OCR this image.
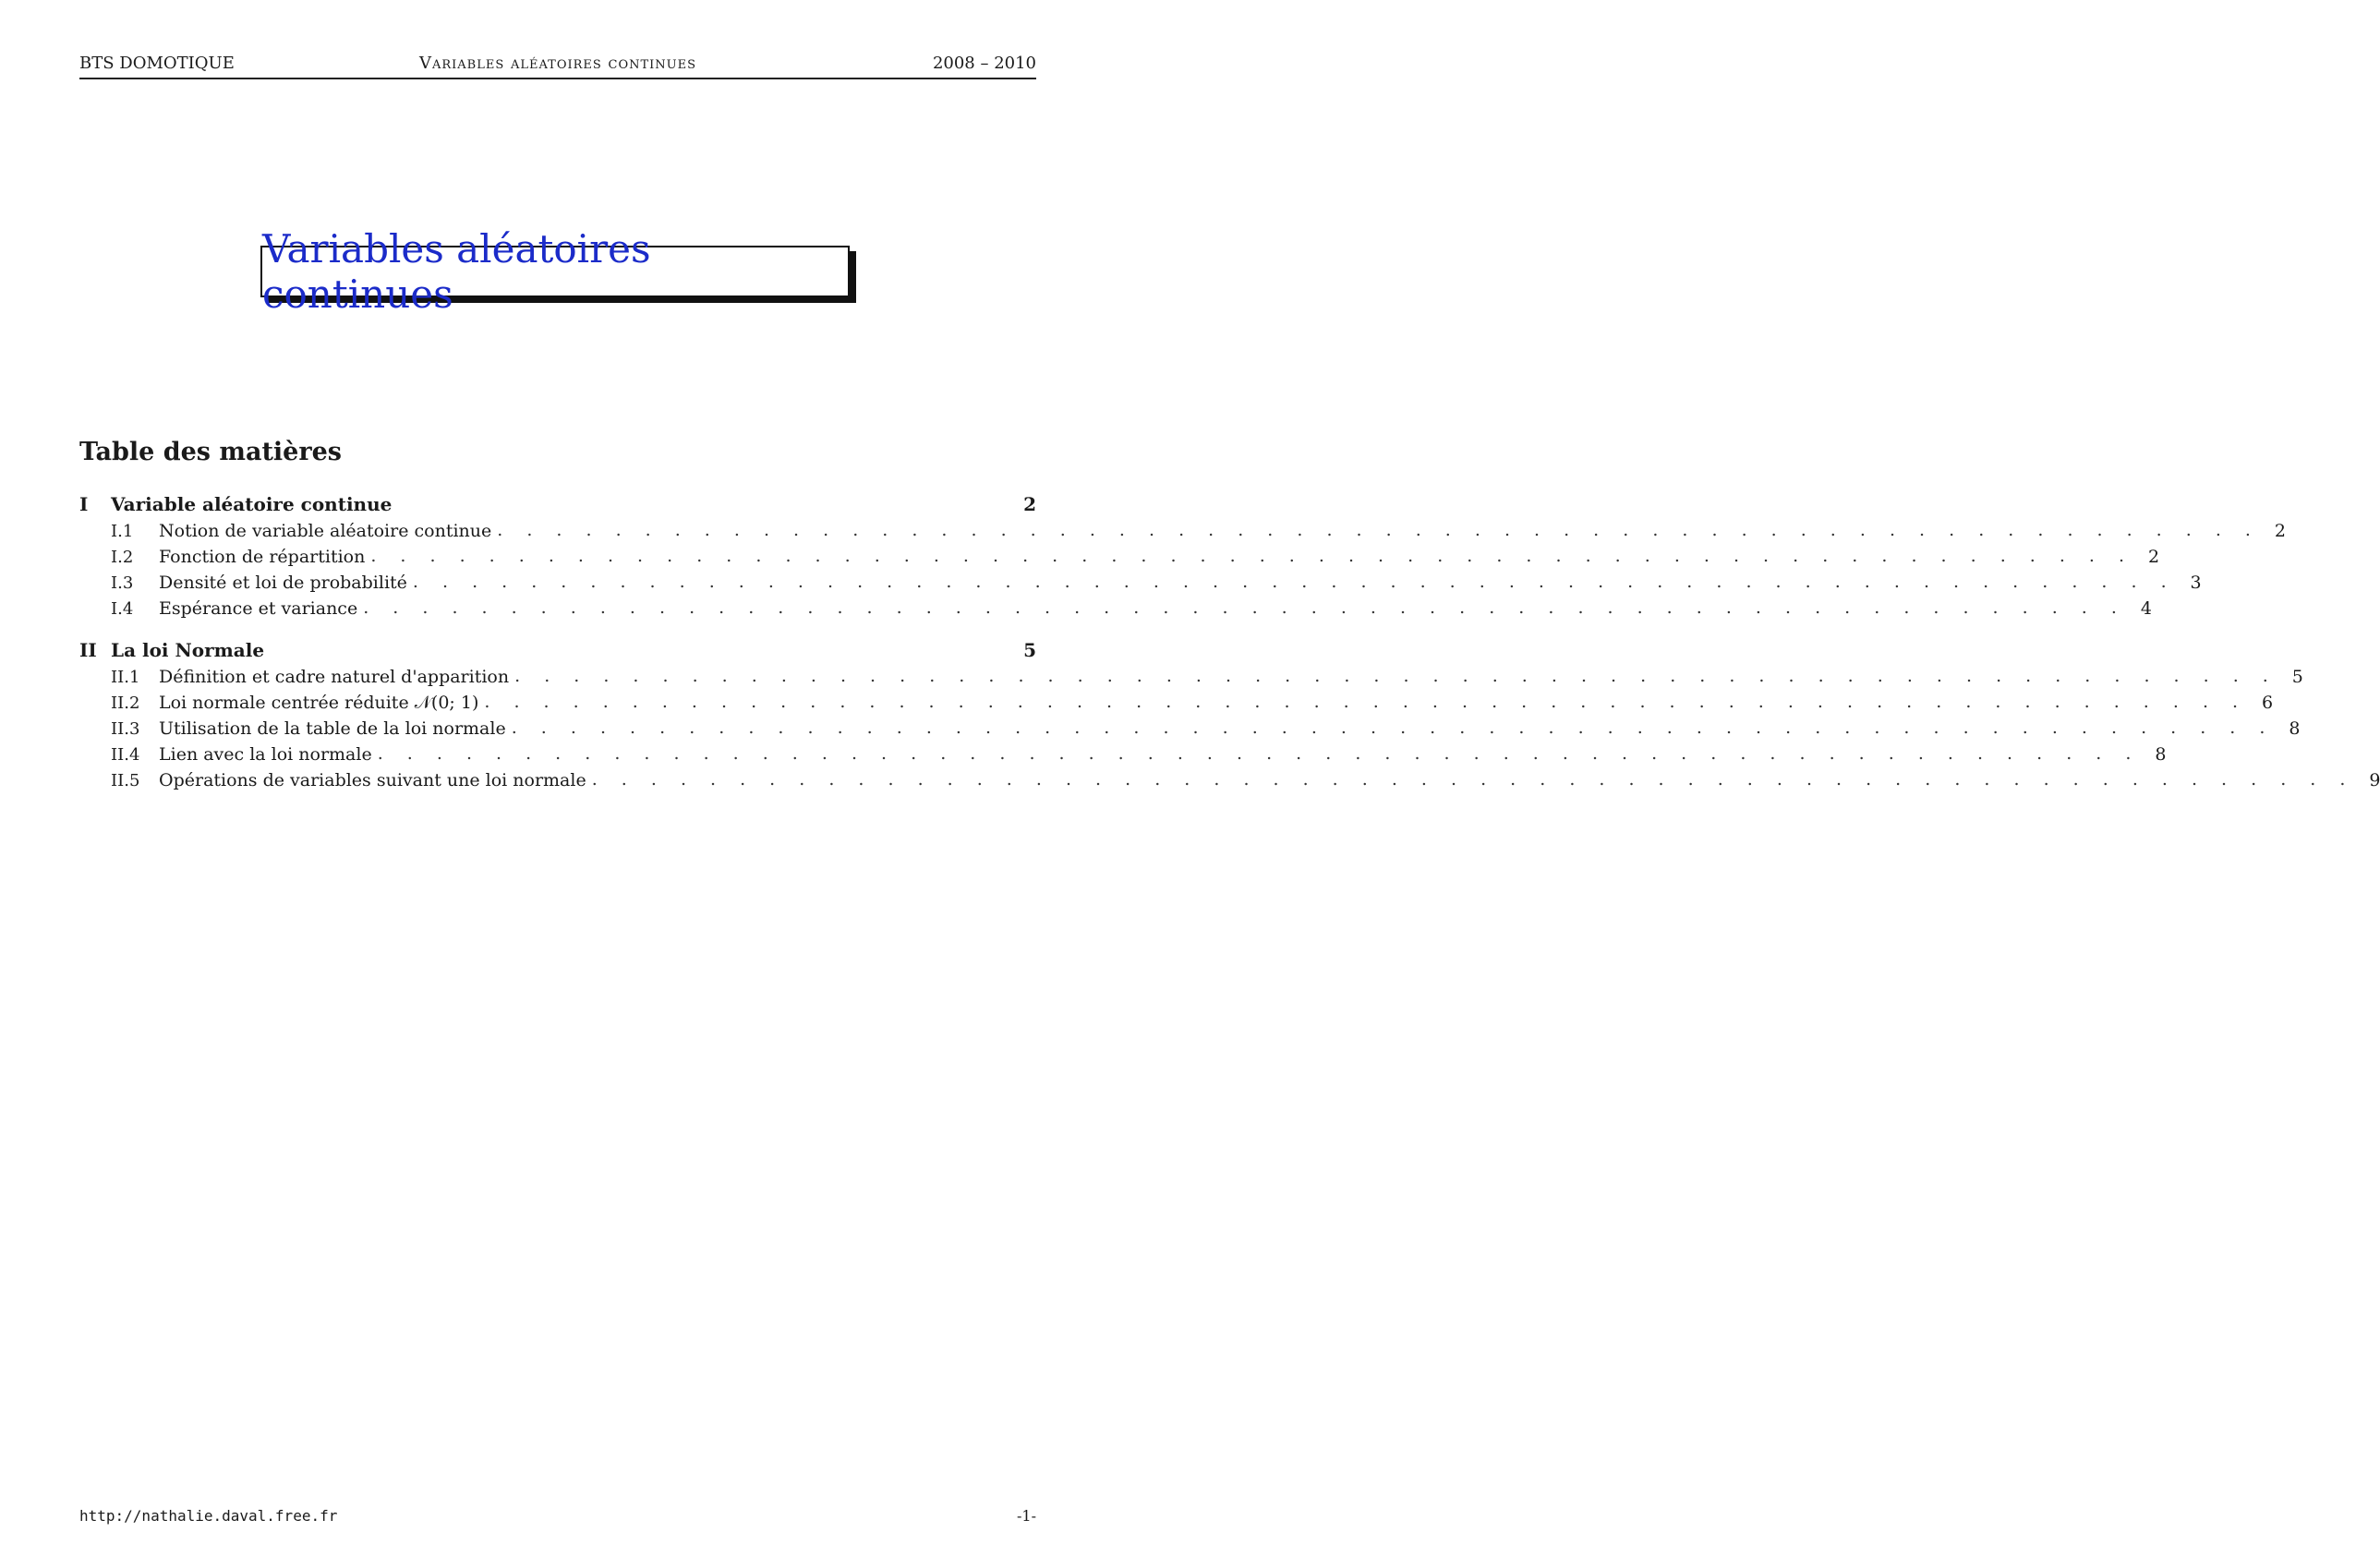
BTS DOMOTIQUE	Variables aléatoires continues	2008 – 2010
Variables aléatoires continues
Table des matières
I	Variable aléatoire continue	2
I.1	Notion de variable aléatoire continue . . . . . . . . . . . . . . . . . . . . . . . . . . . . . . . . . . . . . . . . . . . . . . . . . . . . . . . . . . . . 2
I.2	Fonction de répartition . . . . . . . . . . . . . . . . . . . . . . . . . . . . . . . . . . . . . . . . . . . . . . . . . . . . . . . . . . . . 2
I.3	Densité et loi de probabilité . . . . . . . . . . . . . . . . . . . . . . . . . . . . . . . . . . . . . . . . . . . . . . . . . . . . . . . . . . . . 3
I.4	Espérance et variance . . . . . . . . . . . . . . . . . . . . . . . . . . . . . . . . . . . . . . . . . . . . . . . . . . . . . . . . . . . . 4
II La loi Normale	5
II.1	Définition et cadre naturel d'apparition . . . . . . . . . . . . . . . . . . . . . . . . . . . . . . . . . . . . . . . . . . . . . . . . . . . . . . . . . . . . 5
II.2	Loi normale centrée réduite 𝒩(0; 1) . . . . . . . . . . . . . . . . . . . . . . . . . . . . . . . . . . . . . . . . . . . . . . . . . . . . . . . . . . . . 6
II.3	Utilisation de la table de la loi normale . . . . . . . . . . . . . . . . . . . . . . . . . . . . . . . . . . . . . . . . . . . . . . . . . . . . . . . . . . . . 8
II.4	Lien avec la loi normale . . . . . . . . . . . . . . . . . . . . . . . . . . . . . . . . . . . . . . . . . . . . . . . . . . . . . . . . . . . . 8
II.5	Opérations de variables suivant une loi normale . . . . . . . . . . . . . . . . . . . . . . . . . . . . . . . . . . . . . . . . . . . . . . . . . . . . . . . . . . . . 9
http://nathalie.daval.free.fr	-1-
